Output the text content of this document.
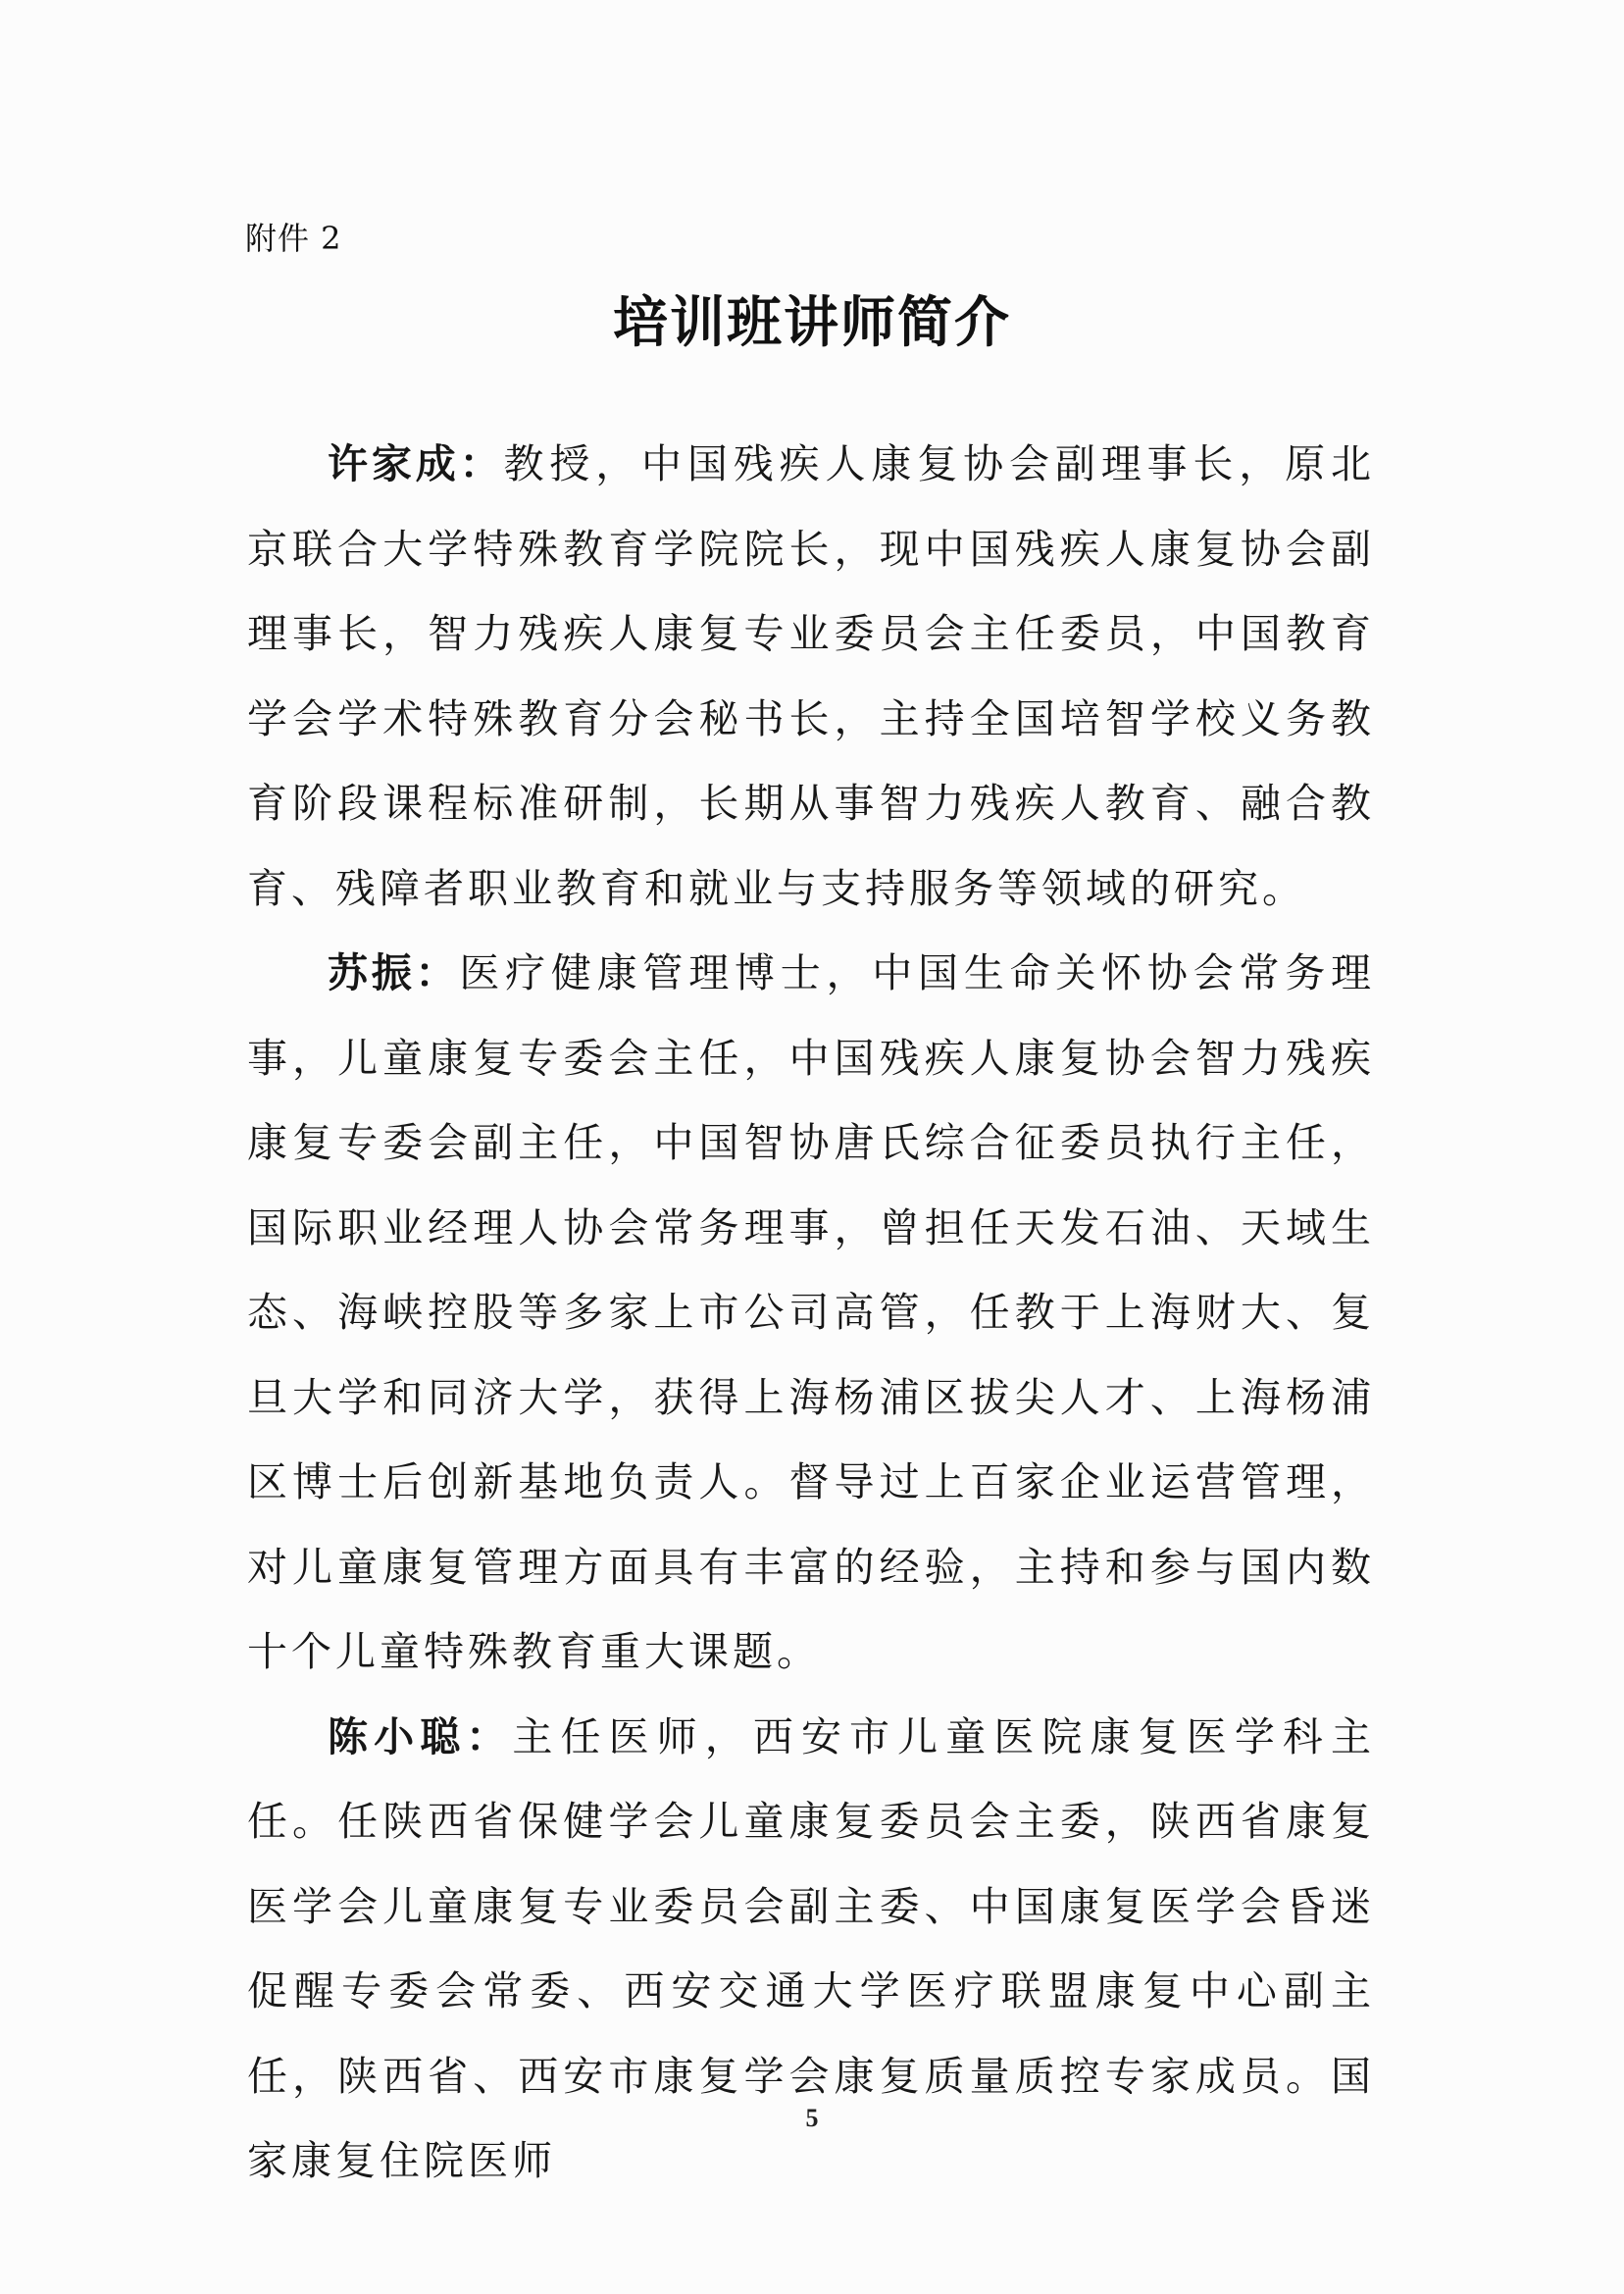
附件 2
培训班讲师简介

许家成：教授，中国残疾人康复协会副理事长，原北京联合大学特殊教育学院院长，现中国残疾人康复协会副理事长，智力残疾人康复专业委员会主任委员，中国教育学会学术特殊教育分会秘书长，主持全国培智学校义务教育阶段课程标准研制，长期从事智力残疾人教育、融合教育、残障者职业教育和就业与支持服务等领域的研究。

苏振：医疗健康管理博士，中国生命关怀协会常务理事，儿童康复专委会主任，中国残疾人康复协会智力残疾康复专委会副主任，中国智协唐氏综合征委员执行主任，国际职业经理人协会常务理事，曾担任天发石油、天域生态、海峡控股等多家上市公司高管，任教于上海财大、复旦大学和同济大学，获得上海杨浦区拔尖人才、上海杨浦区博士后创新基地负责人。督导过上百家企业运营管理，对儿童康复管理方面具有丰富的经验，主持和参与国内数十个儿童特殊教育重大课题。

陈小聪：主任医师，西安市儿童医院康复医学科主任。任陕西省保健学会儿童康复委员会主委，陕西省康复医学会儿童康复专业委员会副主委、中国康复医学会昏迷促醒专委会常委、西安交通大学医疗联盟康复中心副主任，陕西省、西安市康复学会康复质量质控专家成员。国家康复住院医师

5
